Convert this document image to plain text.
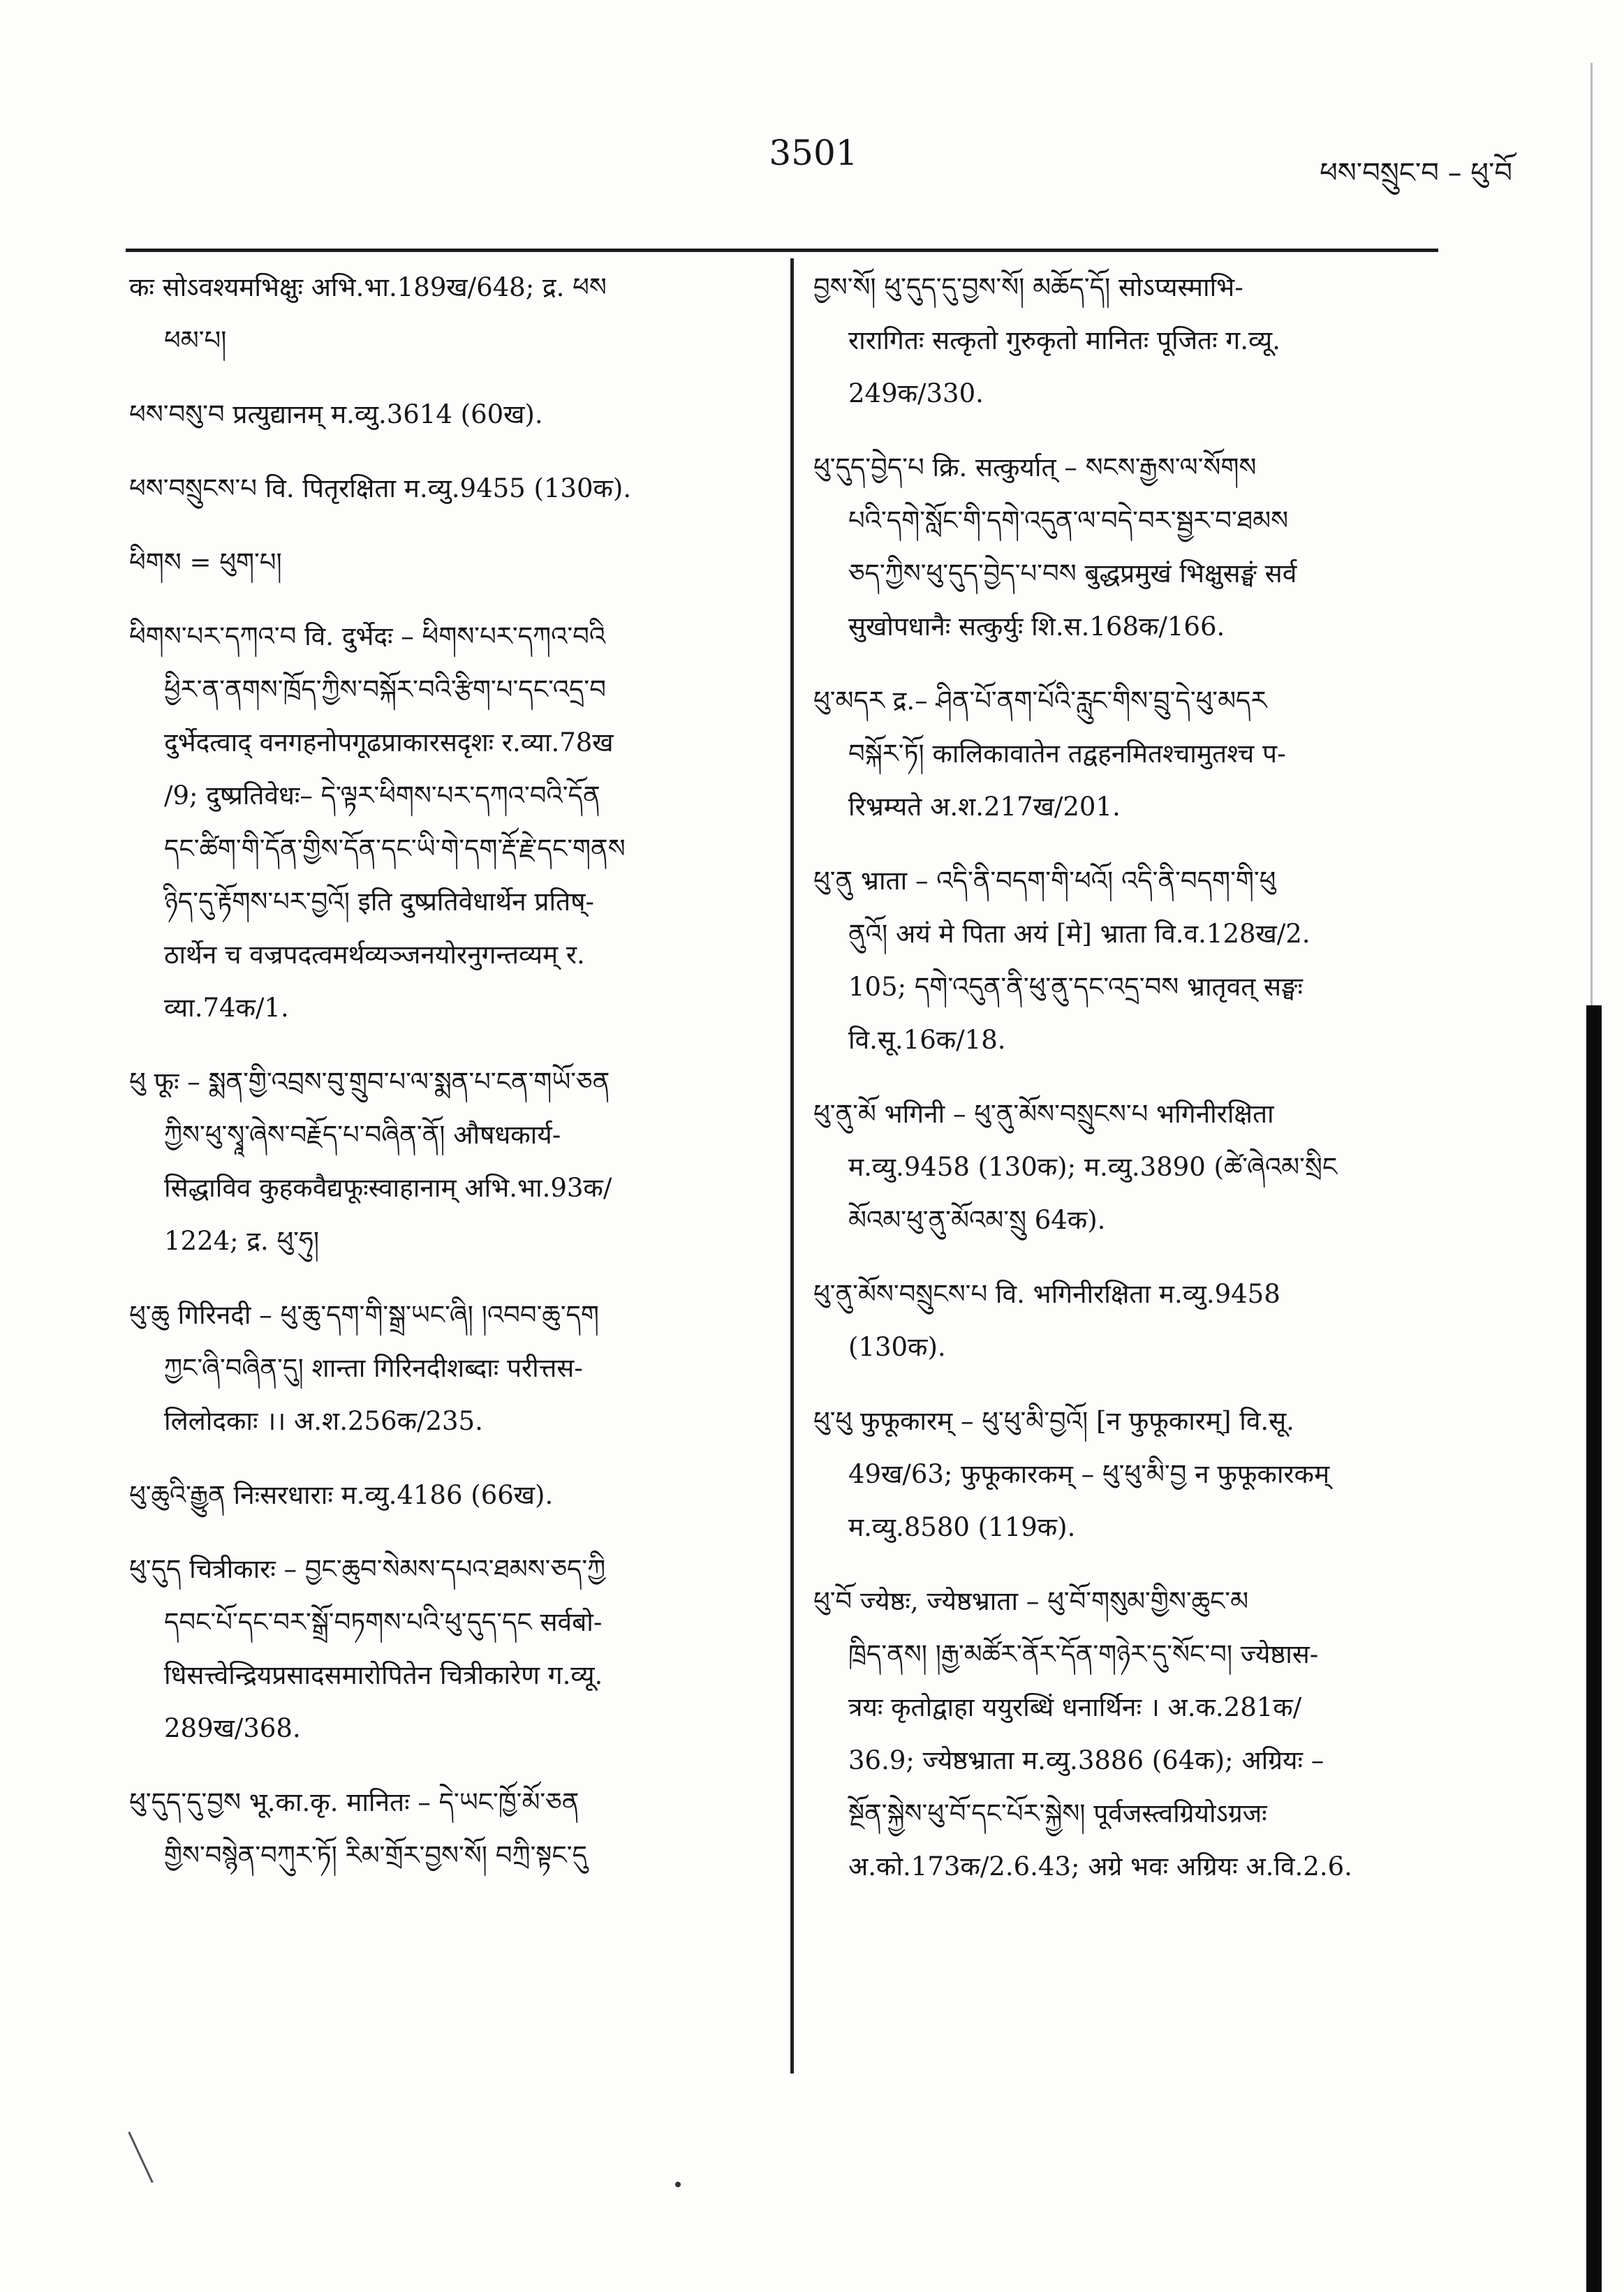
3501	ཕས་བསྲུང་བ – ཕུ་བོ

कः सोऽवश्यमभिक्षुः अभि.भा.189ख/648; द्र. ཕས

ཕམ་པ།

ཕས་བསུ་བ प्रत्युद्यानम् म.व्यु.3614 (60ख).

ཕས་བསྲུངས་པ वि. पितृरक्षिता म.व्यु.9455 (130क).

ཕིགས = ཕུག་པ།

ཕིགས་པར་དཀའ་བ वि. दुर्भेदः – ཕིགས་པར་དཀའ་བའི

ཕྱིར་ན་ནགས་ཁྲོད་ཀྱིས་བསྐོར་བའི་རྩིག་པ་དང་འདྲ་བ

दुर्भेदत्वाद् वनगहनोपगूढप्राकारसदृशः र.व्या.78ख

/9; दुष्प्रतिवेधः– དེ་ལྟར་ཕིགས་པར་དཀའ་བའི་དོན

དང་ཚིག་གི་དོན་གྱིས་དོན་དང་ཡི་གེ་དག་རྡོ་རྗེ་དང་གནས

ཉིད་དུ་རྟོགས་པར་བྱའོ། इति दुष्प्रतिवेधार्थेन प्रतिष्-

ठार्थेन च वज्रपदत्वमर्थव्यञ्जनयोरनुगन्तव्यम् र.

व्या.74क/1.

ཕུ फूः – སྨན་གྱི་འབྲས་བུ་གྲུབ་པ་ལ་སྨན་པ་ངན་གཡོ་ཅན

ཀྱིས་ཕུ་སྭཱ་ཞེས་བརྗོད་པ་བཞིན་ནོ། औषधकार्य-

सिद्धाविव कुहकवैद्यफूःस्वाहानाम् अभि.भा.93क/

1224; द्र. ཕུ་ཧུ།

ཕུ་ཆུ गिरिनदी – ཕུ་ཆུ་དག་གི་སྒྲ་ཡང་ཞི། །འབབ་ཆུ་དག

ཀྱང་ཞི་བཞིན་དུ། शान्ता गिरिनदीशब्दाः परीत्तस-

लिलोदकाः ।। अ.श.256क/235.

ཕུ་ཆུའི་རྒྱུན निःसरधाराः म.व्यु.4186 (66ख).

ཕུ་དུད चित्रीकारः – བྱང་ཆུབ་སེམས་དཔའ་ཐམས་ཅད་ཀྱི

དབང་པོ་དང་བར་སྒྲོ་བཏགས་པའི་ཕུ་དུད་དང सर्वबो-

धिसत्त्वेन्द्रियप्रसादसमारोपितेन चित्रीकारेण ग.व्यू.

289ख/368.

ཕུ་དུད་དུ་བྱས भू.का.कृ. मानितः – དེ་ཡང་ཁྱོ་མོ་ཅན

གྱིས་བསྙེན་བཀུར་ཏོ། རིམ་གྲོར་བྱས་སོ། བཀྲི་སྟང་དུ

བྱས་སོ། ཕུ་དུད་དུ་བྱས་སོ། མཆོད་དོ། सोऽप्यस्माभि-

रारागितः सत्कृतो गुरुकृतो मानितः पूजितः ग.व्यू.

249क/330.

ཕུ་དུད་བྱེད་པ क्रि. सत्कुर्यात् – སངས་རྒྱས་ལ་སོགས

པའི་དགེ་སློང་གི་དགེ་འདུན་ལ་བདེ་བར་སྦྱར་བ་ཐམས

ཅད་ཀྱིས་ཕུ་དུད་བྱེད་པ་བས बुद्धप्रमुखं भिक्षुसङ्घं सर्व

सुखोपधानैः सत्कुर्युः शि.स.168क/166.

ཕུ་མདར द्र.– ཤིན་པོ་ནག་པོའི་རླུང་གིས་བྲུ་དེ་ཕུ་མདར

བསྐོར་ཏོ། कालिकावातेन तद्वहनमितश्चामुतश्च प-

रिभ्रम्यते अ.श.217ख/201.

ཕུ་ནུ भ्राता – འདི་ནི་བདག་གི་ཕའོ། འདི་ནི་བདག་གི་ཕུ

ནུའོ། अयं मे पिता अयं [मे] भ्राता वि.व.128ख/2.

105; དགེ་འདུན་ནི་ཕུ་ནུ་དང་འདྲ་བས भ्रातृवत् सङ्घः

वि.सू.16क/18.

ཕུ་ནུ་མོ भगिनी – ཕུ་ནུ་མོས་བསྲུངས་པ भगिनीरक्षिता

म.व्यु.9458 (130क); म.व्यु.3890 (ཚེ་ཞེའམ་སྲིང

མོའམ་ཕུ་ནུ་མོའམ་སྲུ 64क).

ཕུ་ནུ་མོས་བསྲུངས་པ वि. भगिनीरक्षिता म.व्यु.9458

(130क).

ཕུ་ཕུ फुफूकारम् – ཕུ་ཕུ་མི་བྱའོ། [न फुफूकारम्] वि.सू.

49ख/63; फुफूकारकम् – ཕུ་ཕུ་མི་བྱ न फुफूकारकम्

म.व्यु.8580 (119क).

ཕུ་བོ ज्येष्ठः, ज्येष्ठभ्राता – ཕུ་བོ་གསུམ་གྱིས་ཆུང་མ

ཁྲིད་ནས། །རྒྱ་མཚོར་ནོར་དོན་གཉེར་དུ་སོང་བ། ज्येष्ठास-

त्रयः कृतोद्वाहा ययुरब्धिं धनार्थिनः । अ.क.281क/

36.9; ज्येष्ठभ्राता म.व्यु.3886 (64क); अग्रियः –

སྔོན་སྐྱེས་ཕུ་བོ་དང་པོར་སྐྱེས། पूर्वजस्त्वग्रियोऽग्रजः

अ.को.173क/2.6.43; अग्रे भवः अग्रियः अ.वि.2.6.
